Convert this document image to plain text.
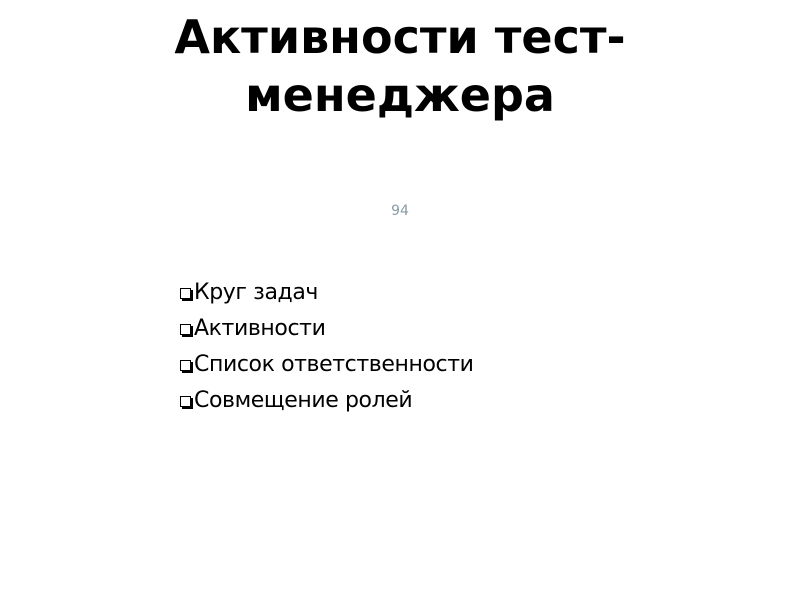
Активности тест-
менеджера
94
Круг задач
Активности
Список ответственности
Совмещение ролей
